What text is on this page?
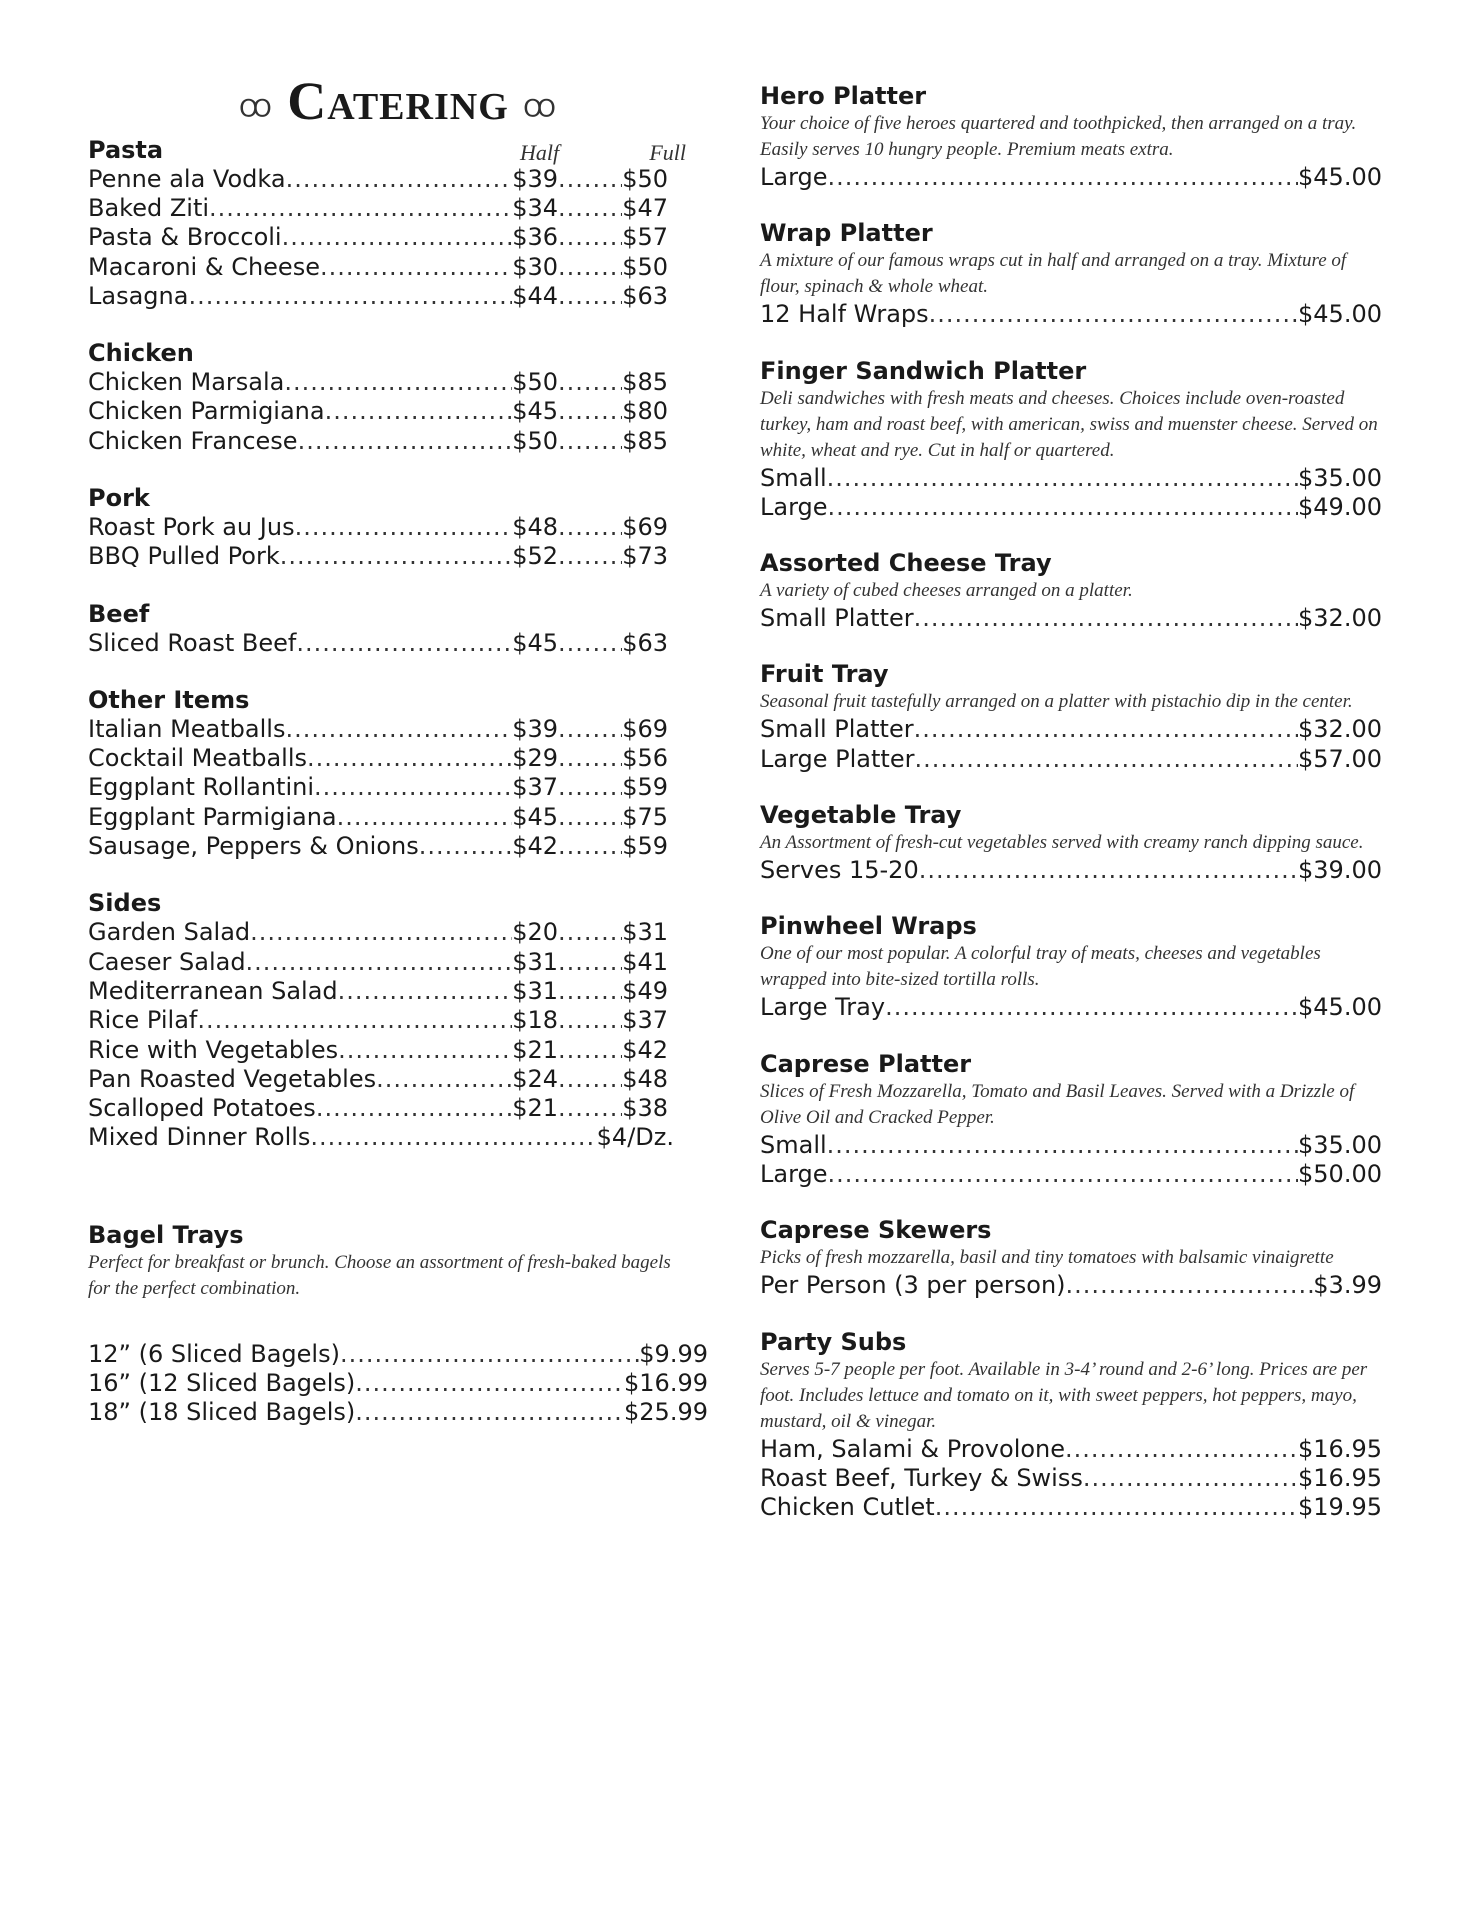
ꝏ Catering ꝏ
Pasta	Half	Full
Penne ala Vodka .....	$39 .....	$50
Baked Ziti .....	$34 .....	$47
Pasta & Broccoli .....	$36 .....	$57
Macaroni & Cheese .....	$30 .....	$50
Lasagna .....	$44 .....	$63
Chicken
Chicken Marsala .....	$50 .....	$85
Chicken Parmigiana .....	$45 .....	$80
Chicken Francese .....	$50 .....	$85
Pork
Roast Pork au Jus .....	$48 .....	$69
BBQ Pulled Pork .....	$52 .....	$73
Beef
Sliced Roast Beef .....	$45 .....	$63
Other Items
Italian Meatballs .....	$39 .....	$69
Cocktail Meatballs .....	$29 .....	$56
Eggplant Rollantini .....	$37 .....	$59
Eggplant Parmigiana .....	$45 .....	$75
Sausage, Peppers & Onions .....	$42 .....	$59
Sides
Garden Salad .....	$20 .....	$31
Caeser Salad .....	$31 .....	$41
Mediterranean Salad .....	$31 .....	$49
Rice Pilaf .....	$18 .....	$37
Rice with Vegetables .....	$21 .....	$42
Pan Roasted Vegetables .....	$24 .....	$48
Scalloped Potatoes .....	$21 .....	$38
Mixed Dinner Rolls .....	$4/Dz.
Bagel Trays

Perfect for breakfast or brunch. Choose an assortment of fresh-baked bagels for the perfect combination.

12” (6 Sliced Bagels) .....	$9.99
16” (12 Sliced Bagels) .....	$16.99
18” (18 Sliced Bagels) .....	$25.99
Hero Platter

Your choice of five heroes quartered and toothpicked, then arranged on a tray. Easily serves 10 hungry people. Premium meats extra.

Large .....	$45.00
Wrap Platter

A mixture of our famous wraps cut in half and arranged on a tray. Mixture of flour, spinach & whole wheat.

12 Half Wraps .....	$45.00
Finger Sandwich Platter

Deli sandwiches with fresh meats and cheeses. Choices include oven-roasted turkey, ham and roast beef, with american, swiss and muenster cheese. Served on white, wheat and rye. Cut in half or quartered.

Small .....	$35.00
Large .....	$49.00
Assorted Cheese Tray

A variety of cubed cheeses arranged on a platter.

Small Platter .....	$32.00
Fruit Tray

Seasonal fruit tastefully arranged on a platter with pistachio dip in the center.

Small Platter .....	$32.00
Large Platter .....	$57.00
Vegetable Tray

An Assortment of fresh-cut vegetables served with creamy ranch dipping sauce.

Serves 15-20 .....	$39.00
Pinwheel Wraps

One of our most popular. A colorful tray of meats, cheeses and vegetables wrapped into bite-sized tortilla rolls.

Large Tray .....	$45.00
Caprese Platter

Slices of Fresh Mozzarella, Tomato and Basil Leaves. Served with a Drizzle of Olive Oil and Cracked Pepper.

Small .....	$35.00
Large .....	$50.00
Caprese Skewers

Picks of fresh mozzarella, basil and tiny tomatoes with balsamic vinaigrette

Per Person (3 per person) .....	$3.99
Party Subs

Serves 5-7 people per foot. Available in 3-4’ round and 2-6’ long. Prices are per foot. Includes lettuce and tomato on it, with sweet peppers, hot peppers, mayo, mustard, oil & vinegar.

Ham, Salami & Provolone .....	$16.95
Roast Beef, Turkey & Swiss .....	$16.95
Chicken Cutlet .....	$19.95
